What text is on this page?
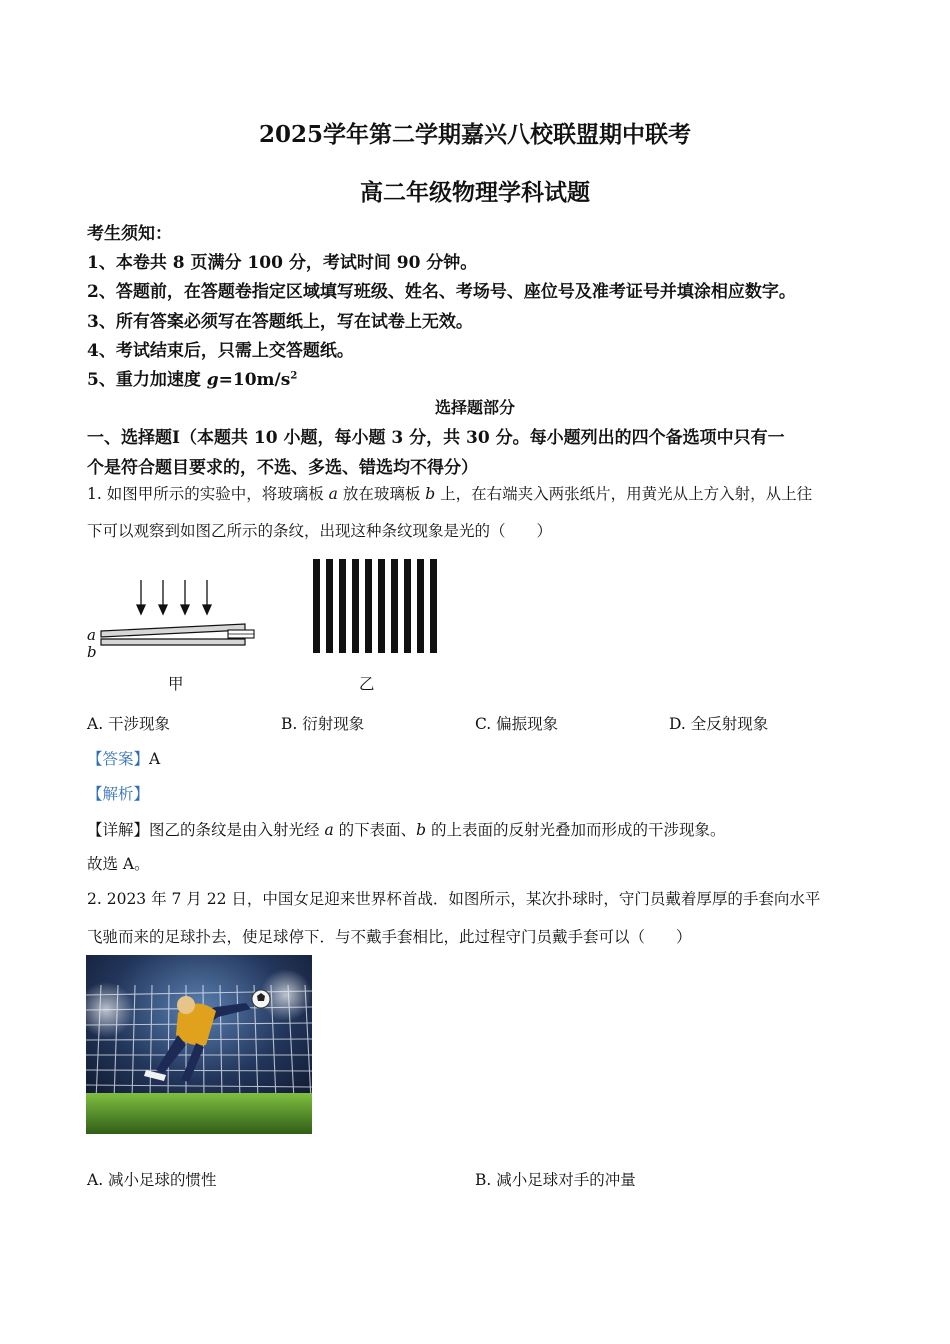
2025学年第二学期嘉兴八校联盟期中联考
高二年级物理学科试题
考生须知：
1、本卷共 8 页满分 100 分，考试时间 90 分钟。
2、答题前，在答题卷指定区域填写班级、姓名、考场号、座位号及准考证号并填涂相应数字。
3、所有答案必须写在答题纸上，写在试卷上无效。
4、考试结束后，只需上交答题纸。
5、重力加速度 $g=10m/s^2$
选择题部分
一、选择题Ⅰ（本题共 10 小题，每小题 3 分，共 30 分。每小题列出的四个备选项中只有一
个是符合题目要求的，不选、多选、错选均不得分）
1. 如图甲所示的实验中，将玻璃板 a 放在玻璃板 b 上，在右端夹入两张纸片，用黄光从上方入射，从上往
下可以观察到如图乙所示的条纹，出现这种条纹现象是光的（　　）
a
b
甲	乙
A. 干涉现象	B. 衍射现象	C. 偏振现象	D. 全反射现象
【答案】A
【解析】
【详解】图乙的条纹是由入射光经 a 的下表面、b 的上表面的反射光叠加而形成的干涉现象。
故选 A。
2. 2023 年 7 月 22 日，中国女足迎来世界杯首战．如图所示，某次扑球时，守门员戴着厚厚的手套向水平
飞驰而来的足球扑去，使足球停下．与不戴手套相比，此过程守门员戴手套可以（　　）
A. 减小足球的惯性	B. 减小足球对手的冲量
